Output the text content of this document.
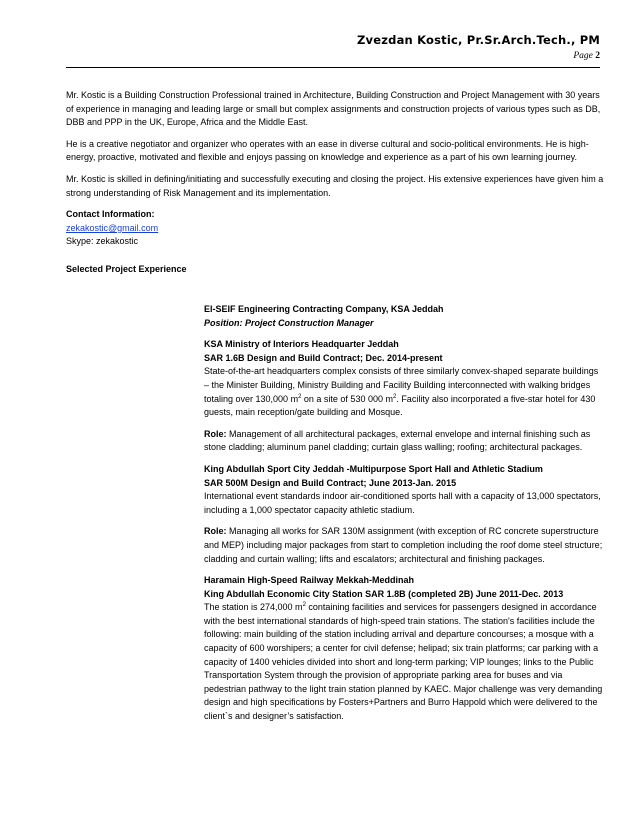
Zvezdan Kostic, Pr.Sr.Arch.Tech., PM
Page 2

Mr. Kostic is a Building Construction Professional trained in Architecture, Building Construction and Project Management with 30 years of experience in managing and leading large or small but complex assignments and construction projects of various types such as DB, DBB and PPP in the UK, Europe, Africa and the Middle East.

He is a creative negotiator and organizer who operates with an ease in diverse cultural and socio-political environments. He is high-energy, proactive, motivated and flexible and enjoys passing on knowledge and experience as a part of his own learning journey.

Mr. Kostic is skilled in defining/initiating and successfully executing and closing the project. His extensive experiences have given him a strong understanding of Risk Management and its implementation.

Contact Information:
zekakostic@gmail.com
Skype: zekakostic
Selected Project Experience
El-SEIF Engineering Contracting Company, KSA Jeddah
Position: Project Construction Manager
KSA Ministry of Interiors Headquarter Jeddah
SAR 1.6B Design and Build Contract; Dec. 2014-present
State-of-the-art headquarters complex consists of three similarly convex-shaped separate buildings – the Minister Building, Ministry Building and Facility Building interconnected with walking bridges totaling over 130,000 $m^2$ on a site of 530 000 $m^2$. Facility also incorporated a five-star hotel for 430 guests, main reception/gate building and Mosque.
Role: Management of all architectural packages, external envelope and internal finishing such as stone cladding; aluminum panel cladding; curtain glass walling; roofing; architectural packages.
King Abdullah Sport City Jeddah -Multipurpose Sport Hall and Athletic Stadium
SAR 500M Design and Build Contract; June 2013-Jan. 2015
International event standards indoor air-conditioned sports hall with a capacity of 13,000 spectators, including a 1,000 spectator capacity athletic stadium.
Role: Managing all works for SAR 130M assignment (with exception of RC concrete superstructure and MEP) including major packages from start to completion including the roof dome steel structure; cladding and curtain walling; lifts and escalators; architectural and finishing packages.
Haramain High-Speed Railway Mekkah-Meddinah
King Abdullah Economic City Station SAR 1.8B (completed 2B) June 2011-Dec. 2013
The station is 274,000 $m^2$ containing facilities and services for passengers designed in accordance with the best international standards of high-speed train stations. The station's facilities include the following: main building of the station including arrival and departure concourses; a mosque with a capacity of 600 worshipers; a center for civil defense; helipad; six train platforms; car parking with a capacity of 1400 vehicles divided into short and long-term parking; VIP lounges; links to the Public Transportation System through the provision of appropriate parking area for buses and via pedestrian pathway to the light train station planned by KAEC. Major challenge was very demanding design and high specifications by Fosters+Partners and Burro Happold which were delivered to the client`s and designer’s satisfaction.
